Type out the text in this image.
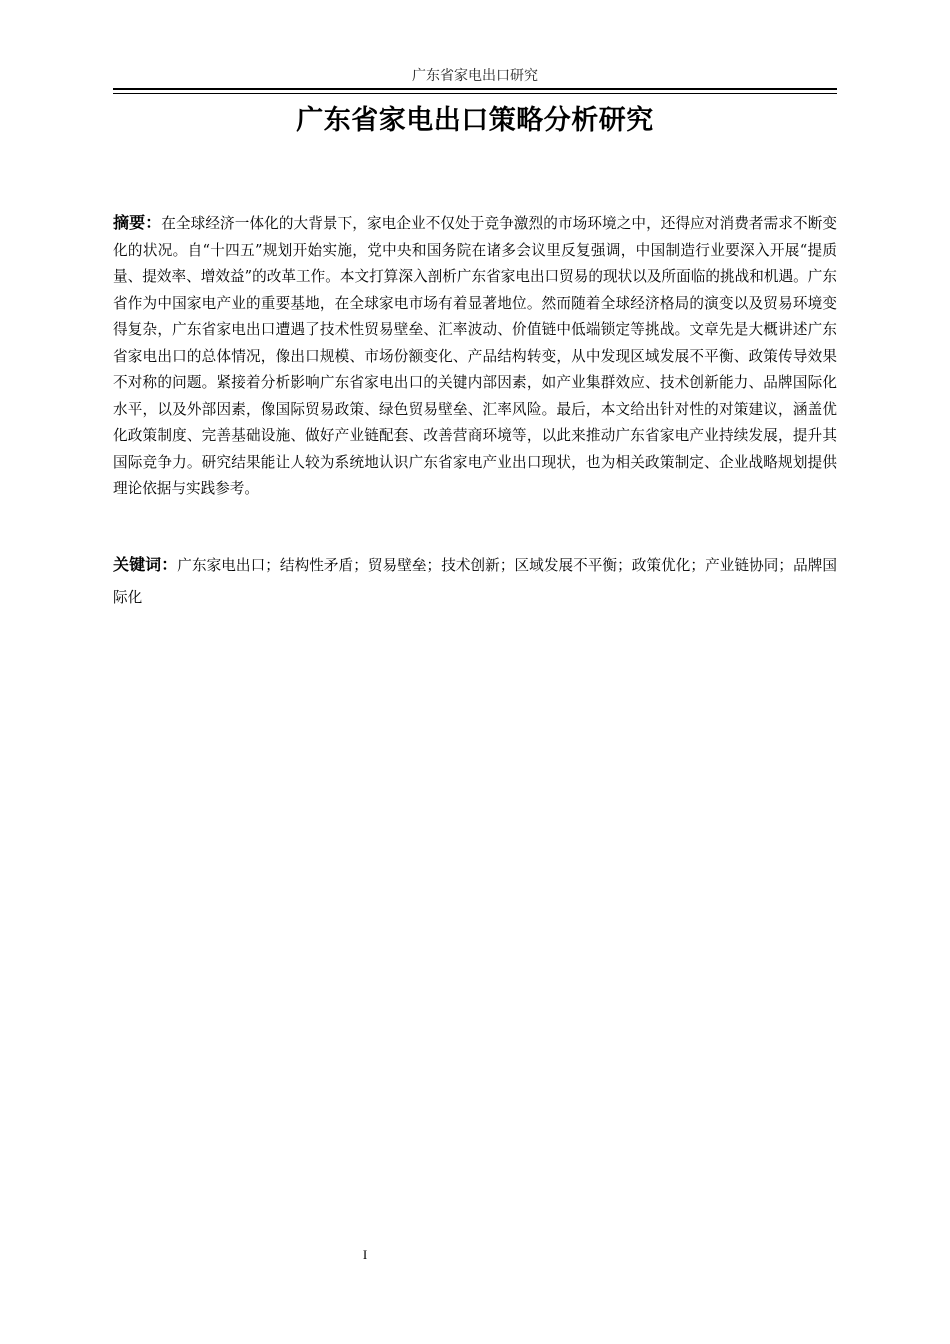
广东省家电出口研究
广东省家电出口策略分析研究

摘要：在全球经济一体化的大背景下，家电企业不仅处于竞争激烈的市场环境之中，还得应对消费者需求不断变化的状况。自“十四五”规划开始实施，党中央和国务院在诸多会议里反复强调，中国制造行业要深入开展“提质量、提效率、增效益”的改革工作。本文打算深入剖析广东省家电出口贸易的现状以及所面临的挑战和机遇。广东省作为中国家电产业的重要基地，在全球家电市场有着显著地位。然而随着全球经济格局的演变以及贸易环境变得复杂，广东省家电出口遭遇了技术性贸易壁垒、汇率波动、价值链中低端锁定等挑战。文章先是大概讲述广东省家电出口的总体情况，像出口规模、市场份额变化、产品结构转变，从中发现区域发展不平衡、政策传导效果不对称的问题。紧接着分析影响广东省家电出口的关键内部因素，如产业集群效应、技术创新能力、品牌国际化水平，以及外部因素，像国际贸易政策、绿色贸易壁垒、汇率风险。最后，本文给出针对性的对策建议，涵盖优化政策制度、完善基础设施、做好产业链配套、改善营商环境等，以此来推动广东省家电产业持续发展，提升其国际竞争力。研究结果能让人较为系统地认识广东省家电产业出口现状，也为相关政策制定、企业战略规划提供理论依据与实践参考。

关键词：广东家电出口；结构性矛盾；贸易壁垒；技术创新；区域发展不平衡；政策优化；产业链协同；品牌国际化

I
